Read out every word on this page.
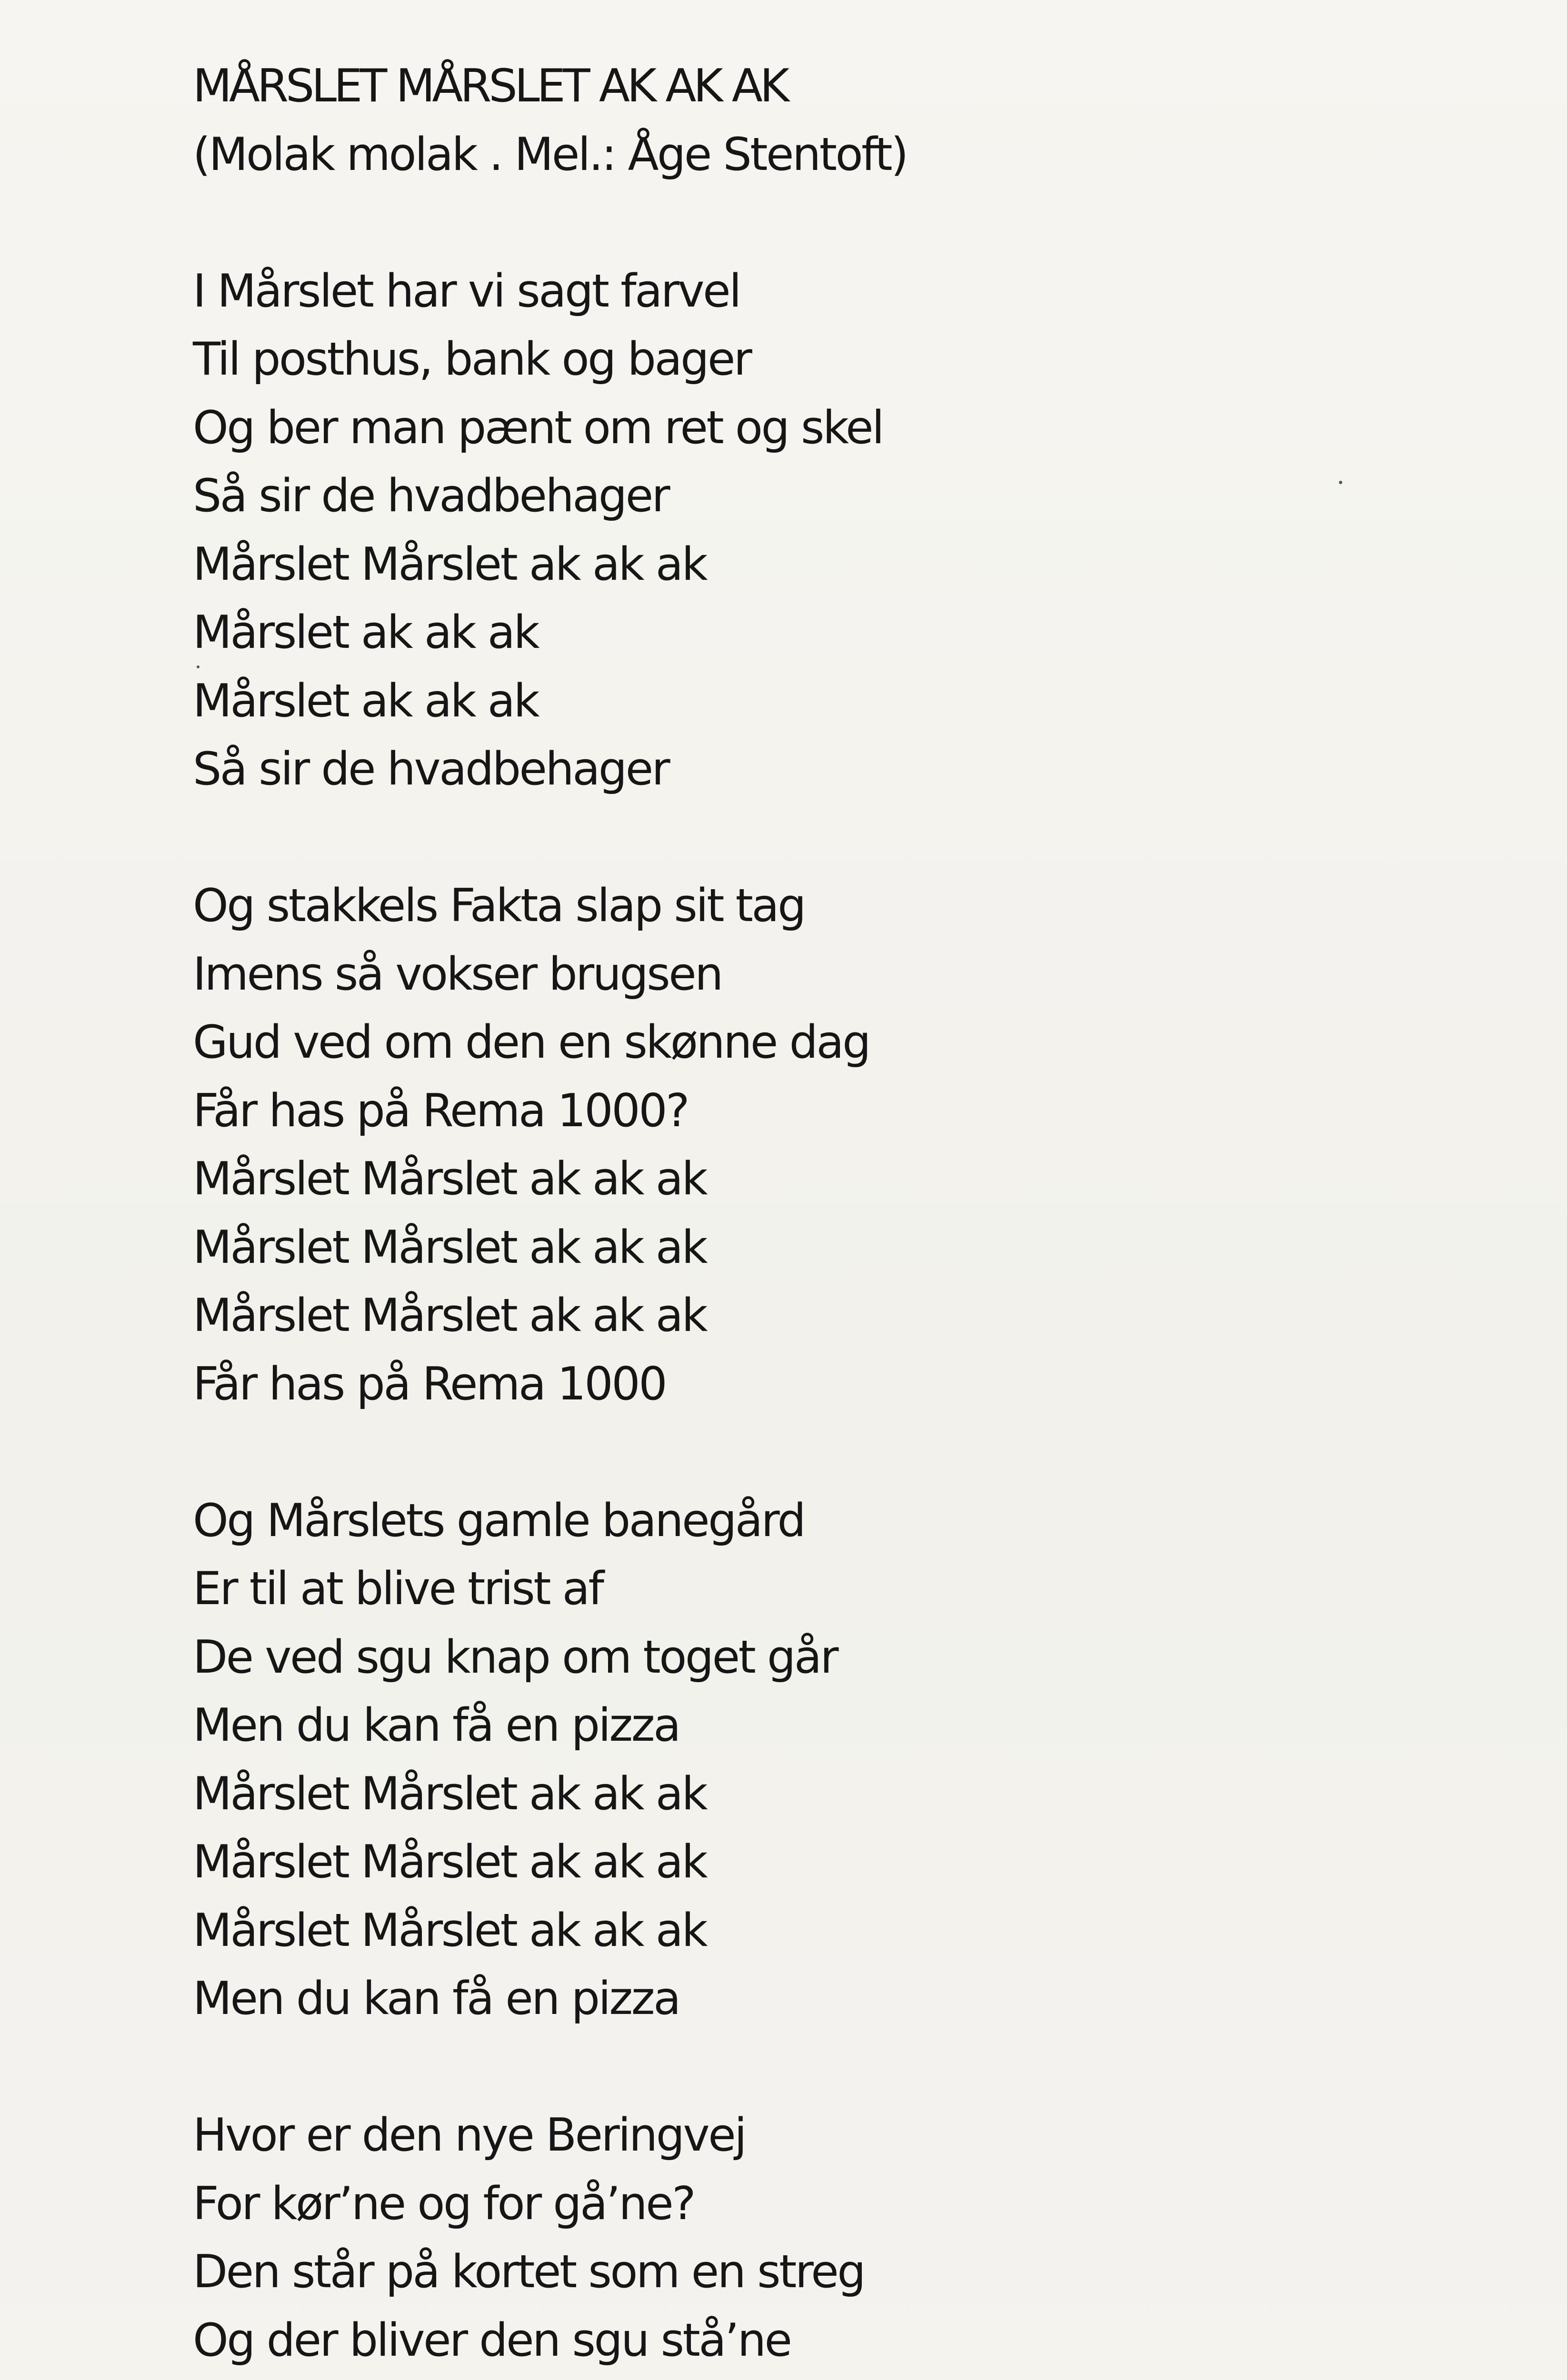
MÅRSLET MÅRSLET AK AK AK
(Molak molak . Mel.: Åge Stentoft)
I Mårslet har vi sagt farvel
Til posthus, bank og bager
Og ber man pænt om ret og skel
Så sir de hvadbehager
Mårslet Mårslet ak ak ak
Mårslet ak ak ak
Mårslet ak ak ak
Så sir de hvadbehager
Og stakkels Fakta slap sit tag
Imens så vokser brugsen
Gud ved om den en skønne dag
Får has på Rema 1000?
Mårslet Mårslet ak ak ak
Mårslet Mårslet ak ak ak
Mårslet Mårslet ak ak ak
Får has på Rema 1000
Og Mårslets gamle banegård
Er til at blive trist af
De ved sgu knap om toget går
Men du kan få en pizza
Mårslet Mårslet ak ak ak
Mårslet Mårslet ak ak ak
Mårslet Mårslet ak ak ak
Men du kan få en pizza
Hvor er den nye Beringvej
For kør’ne og for gå’ne?
Den står på kortet som en streg
Og der bliver den sgu stå’ne
